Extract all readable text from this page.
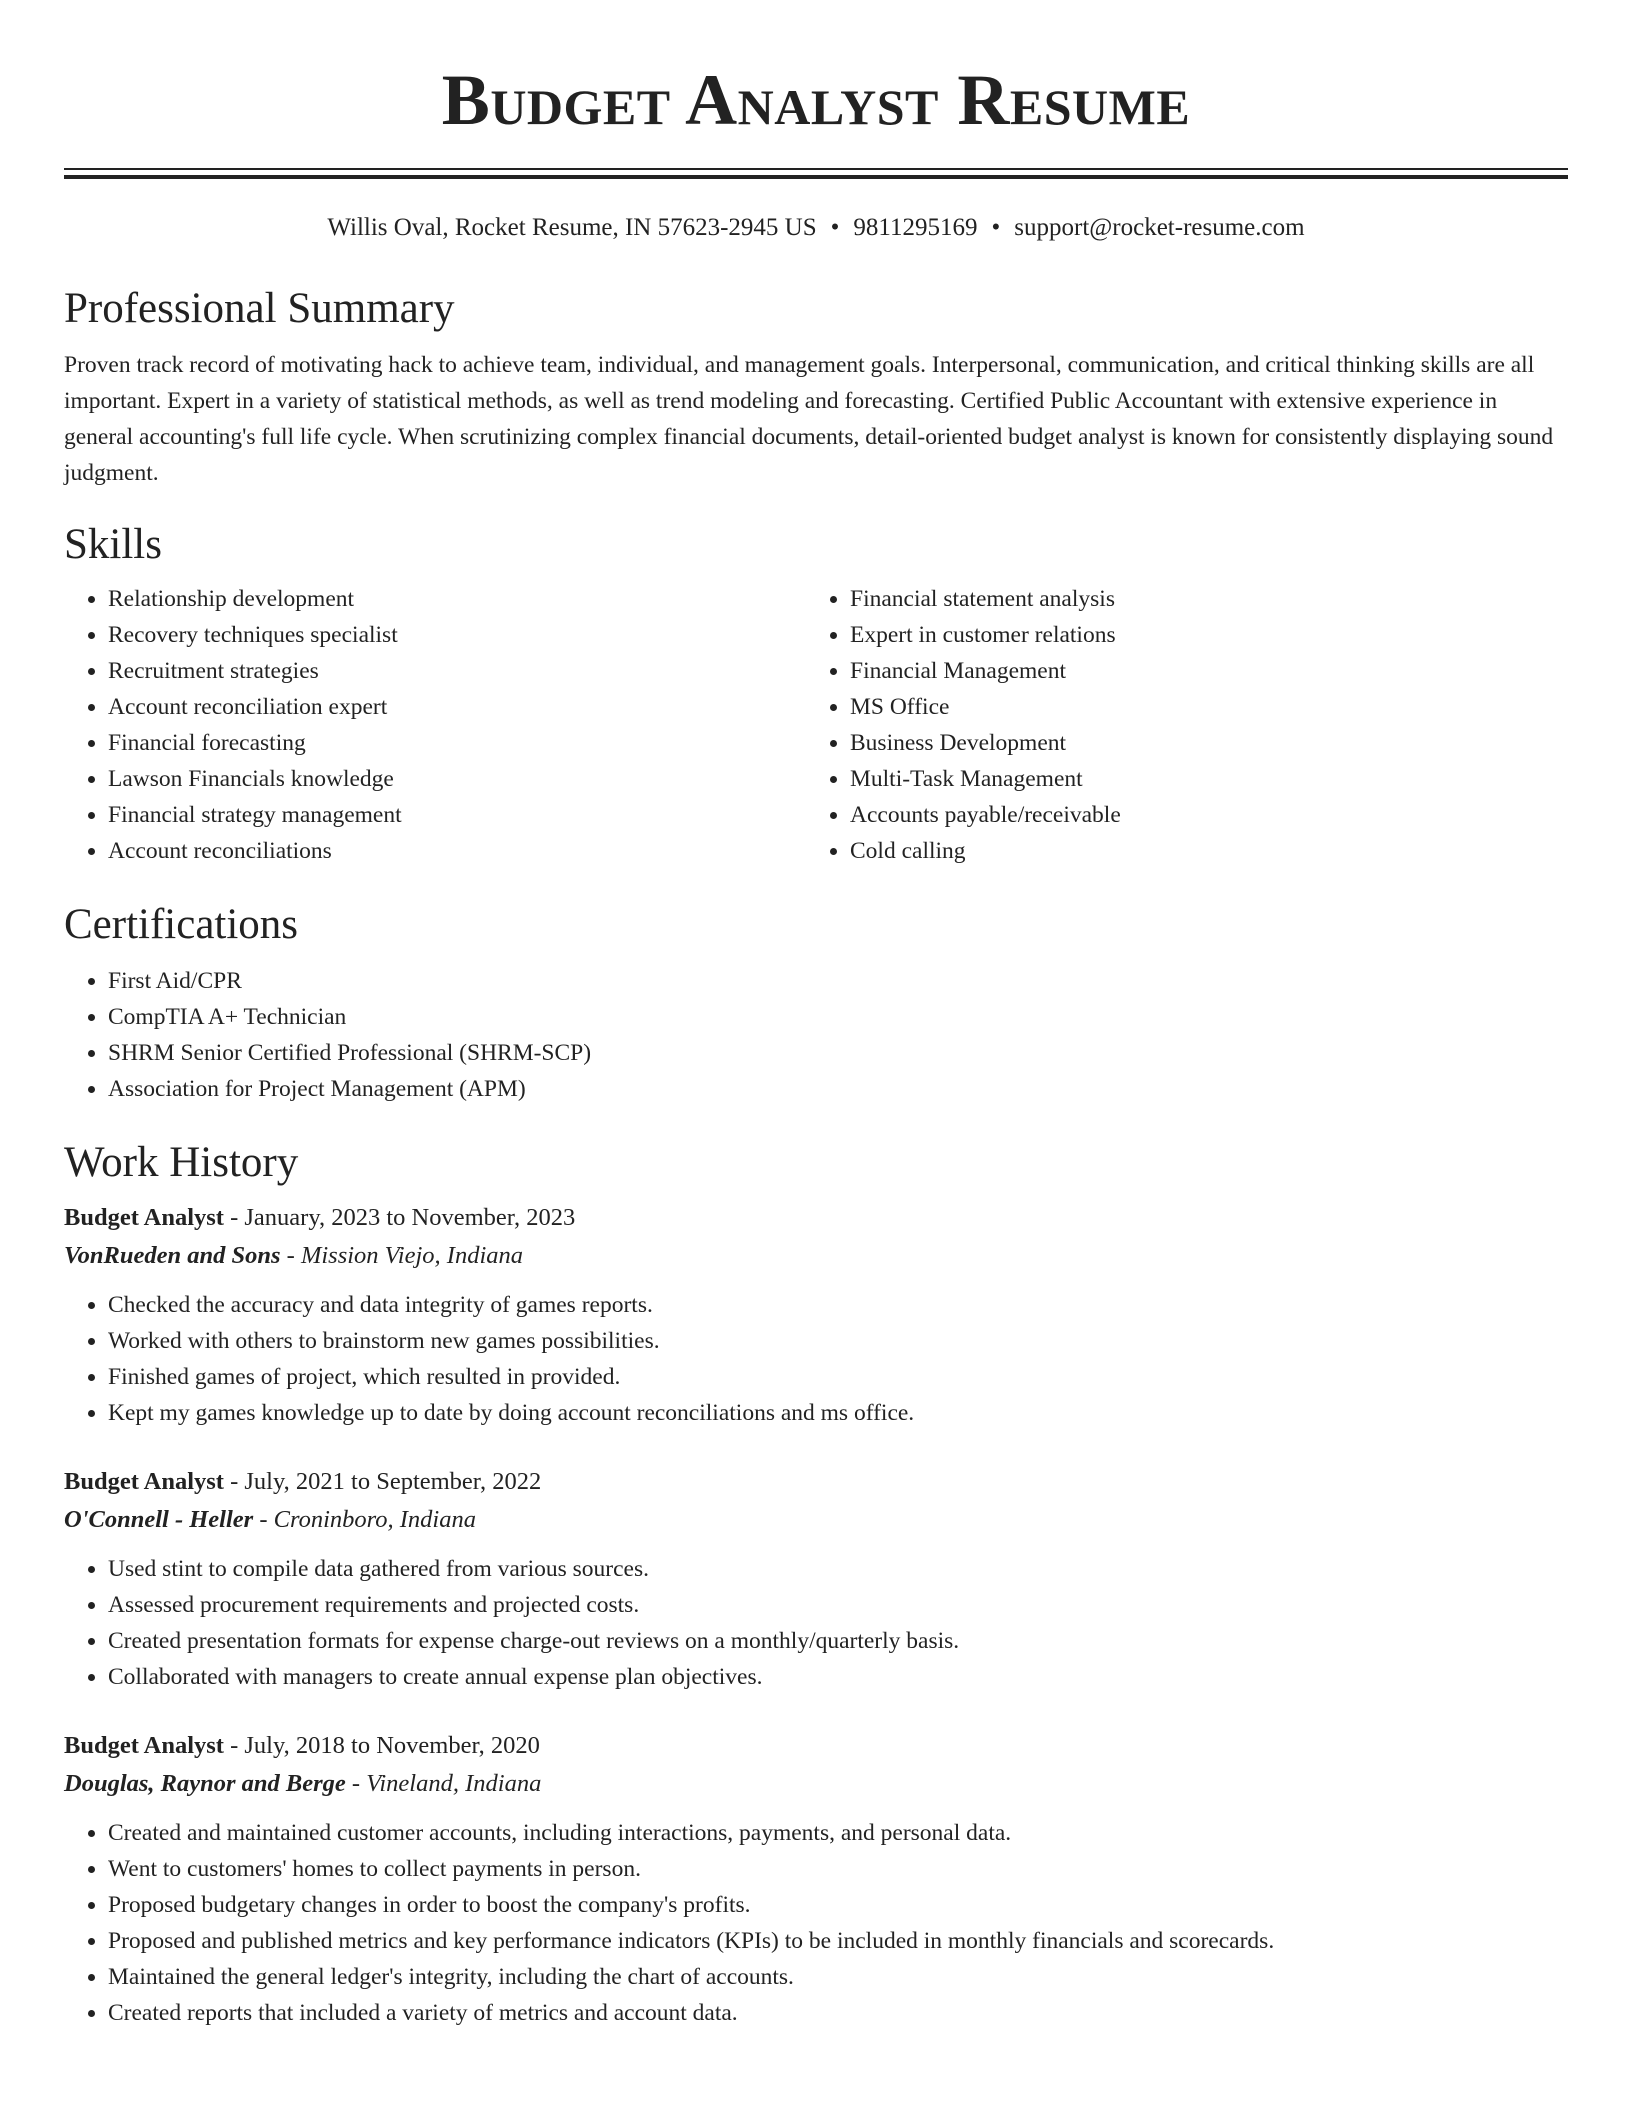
Budget Analyst Resume
Willis Oval, Rocket Resume, IN 57623-2945 US • 9811295169 • support@rocket-resume.com
Professional Summary

Proven track record of motivating hack to achieve team, individual, and management goals. Interpersonal, communication, and critical thinking skills are all important. Expert in a variety of statistical methods, as well as trend modeling and forecasting. Certified Public Accountant with extensive experience in general accounting's full life cycle. When scrutinizing complex financial documents, detail-oriented budget analyst is known for consistently displaying sound judgment.

Skills
• Relationship development
• Recovery techniques specialist
• Recruitment strategies
• Account reconciliation expert
• Financial forecasting
• Lawson Financials knowledge
• Financial strategy management
• Account reconciliations
• Financial statement analysis
• Expert in customer relations
• Financial Management
• MS Office
• Business Development
• Multi-Task Management
• Accounts payable/receivable
• Cold calling
Certifications
• First Aid/CPR
• CompTIA A+ Technician
• SHRM Senior Certified Professional (SHRM-SCP)
• Association for Project Management (APM)
Work History
Budget Analyst - January, 2023 to November, 2023
VonRueden and Sons - Mission Viejo, Indiana
• Checked the accuracy and data integrity of games reports.
• Worked with others to brainstorm new games possibilities.
• Finished games of project, which resulted in provided.
• Kept my games knowledge up to date by doing account reconciliations and ms office.
Budget Analyst - July, 2021 to September, 2022
O'Connell - Heller - Croninboro, Indiana
• Used stint to compile data gathered from various sources.
• Assessed procurement requirements and projected costs.
• Created presentation formats for expense charge-out reviews on a monthly/quarterly basis.
• Collaborated with managers to create annual expense plan objectives.
Budget Analyst - July, 2018 to November, 2020
Douglas, Raynor and Berge - Vineland, Indiana
• Created and maintained customer accounts, including interactions, payments, and personal data.
• Went to customers' homes to collect payments in person.
• Proposed budgetary changes in order to boost the company's profits.
• Proposed and published metrics and key performance indicators (KPIs) to be included in monthly financials and scorecards.
• Maintained the general ledger's integrity, including the chart of accounts.
• Created reports that included a variety of metrics and account data.
